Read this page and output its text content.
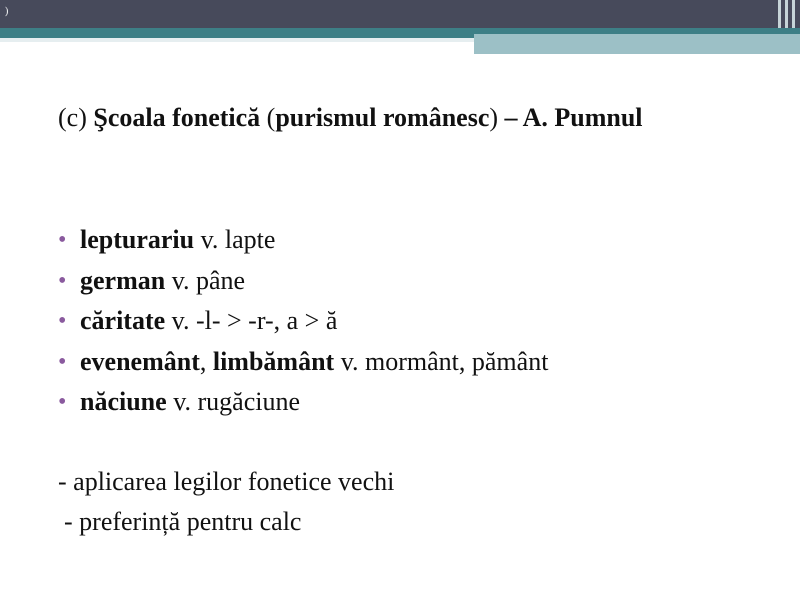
)
(c) Şcoala fonetică (purismul românesc) – A. Pumnul
• lepturariu v. lapte
• german v. pâne
• căritate v. -l- > -r-, a > ă
• evenemânt, limbământ v. mormânt, pământ
• năciune v. rugăciune

- aplicarea legilor fonetice vechi

- preferință pentru calc
